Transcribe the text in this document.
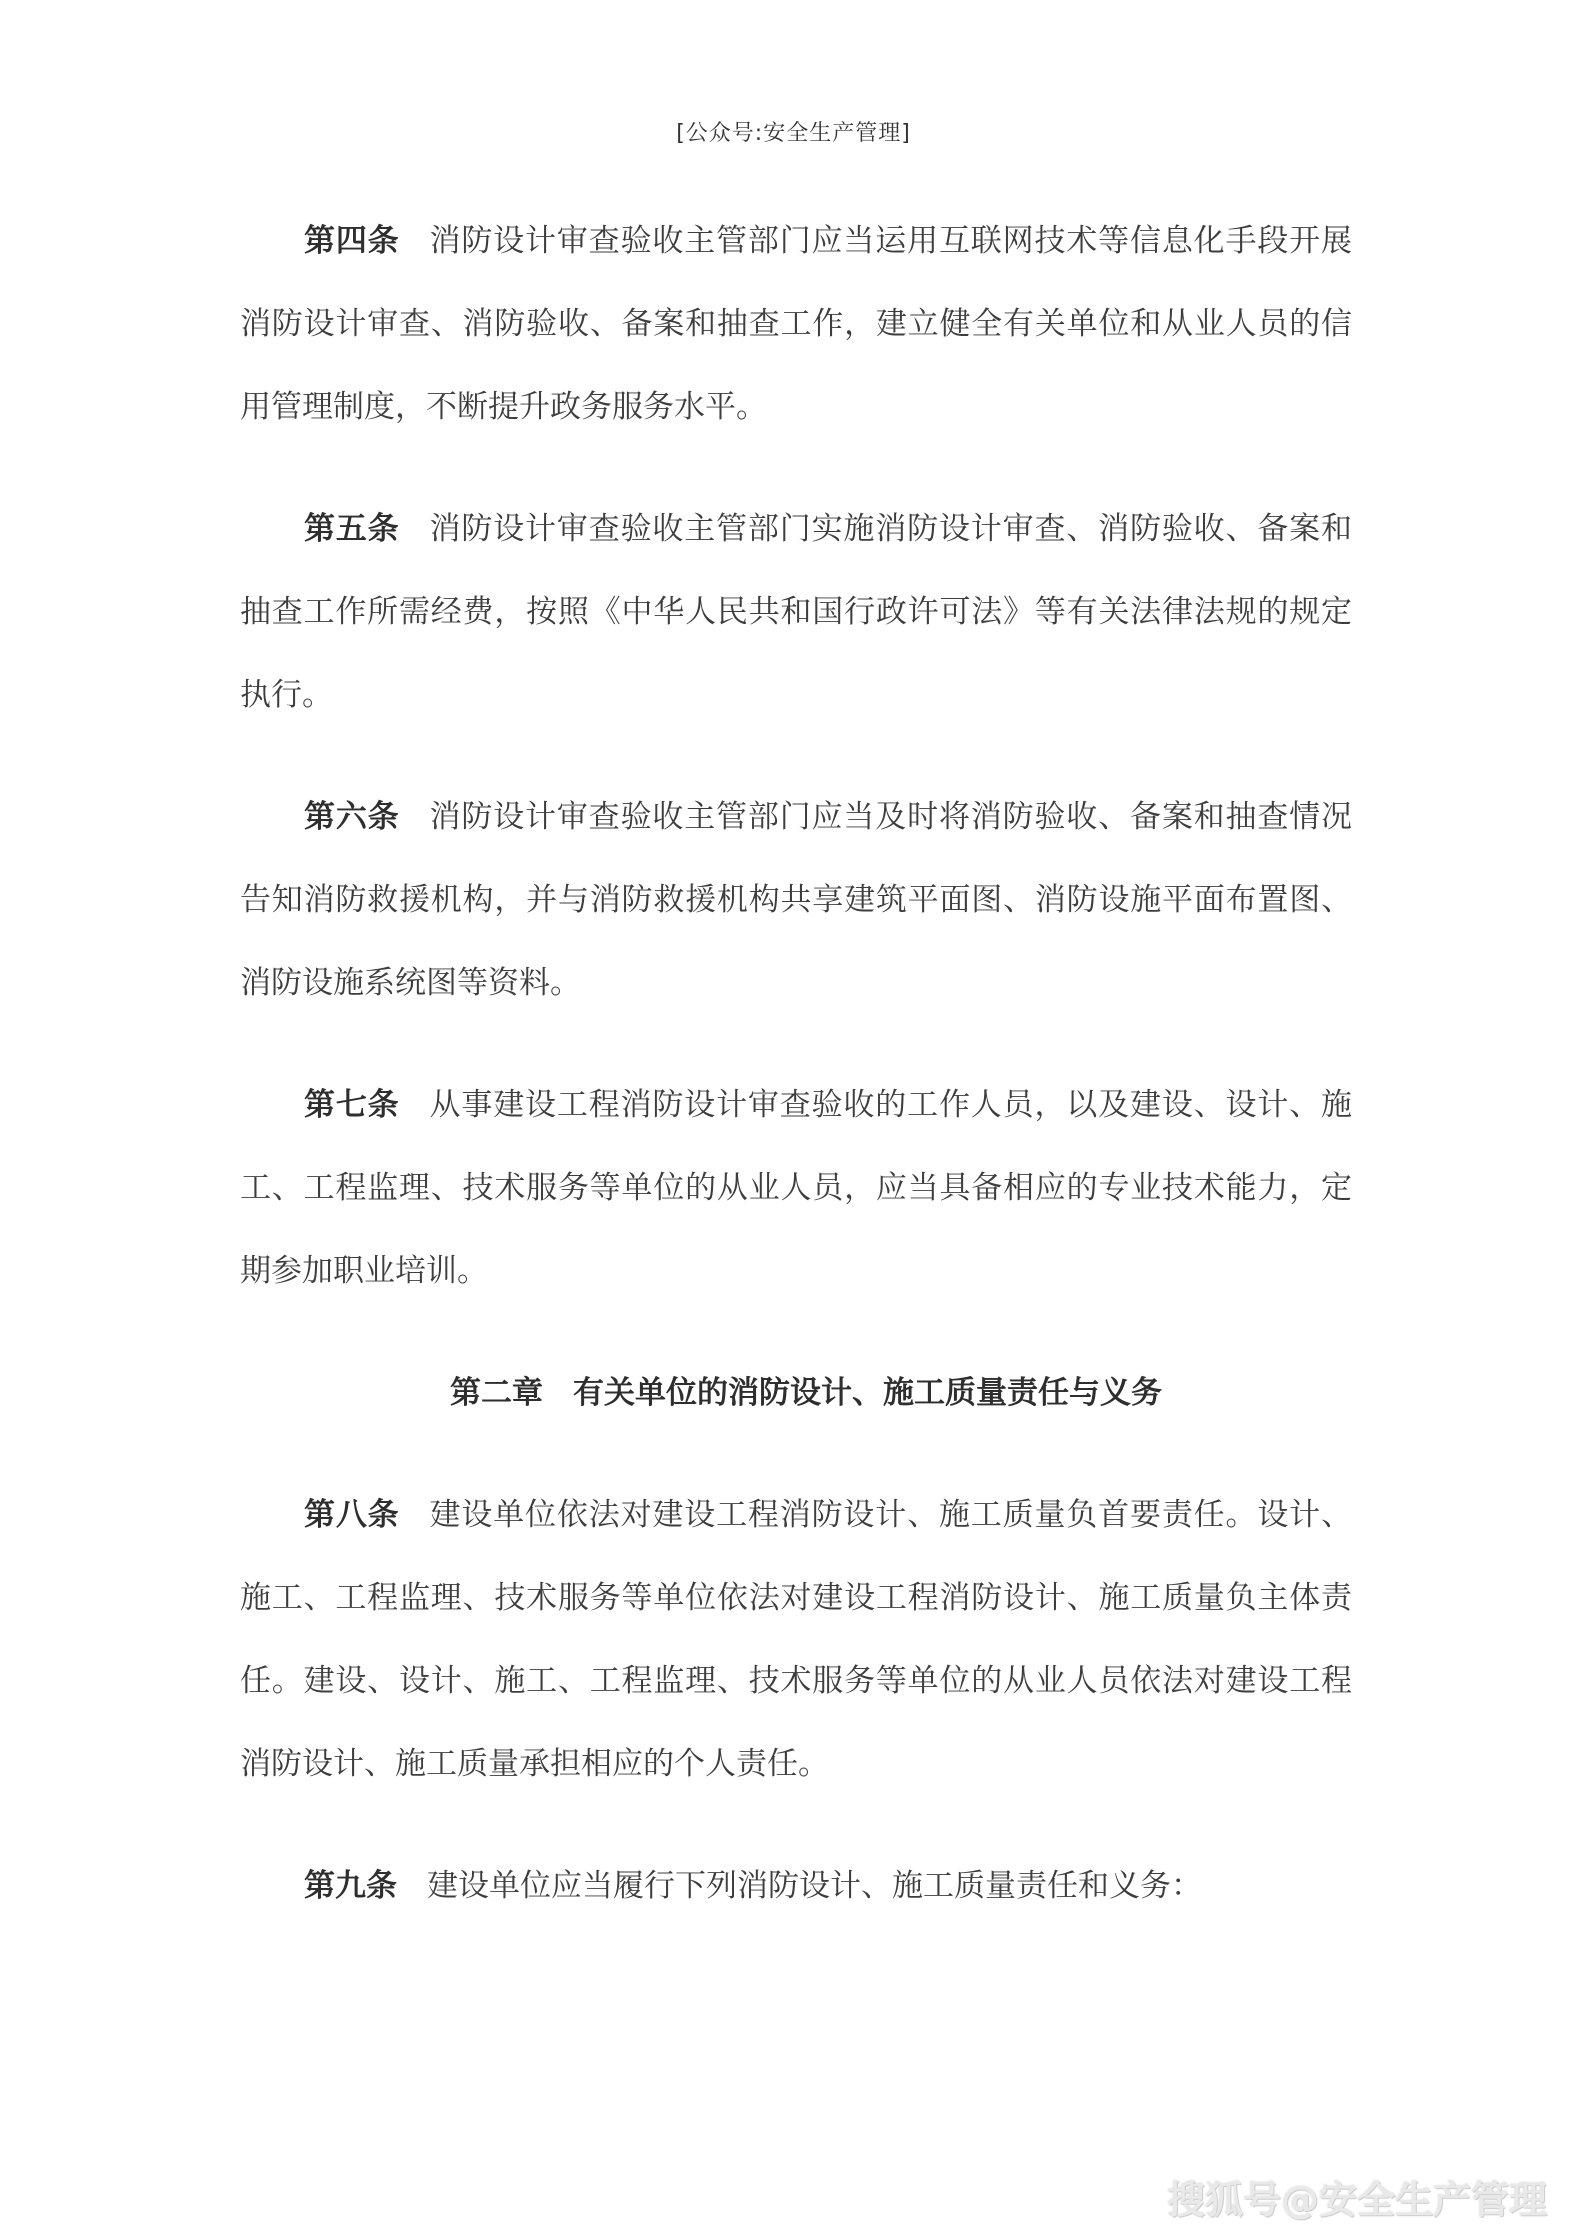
[公众号:安全生产管理]

第四条 消防设计审查验收主管部门应当运用互联网技术等信息化手段开展消防设计审查、消防验收、备案和抽查工作，建立健全有关单位和从业人员的信用管理制度，不断提升政务服务水平。

第五条 消防设计审查验收主管部门实施消防设计审查、消防验收、备案和抽查工作所需经费，按照《中华人民共和国行政许可法》等有关法律法规的规定执行。

第六条 消防设计审查验收主管部门应当及时将消防验收、备案和抽查情况告知消防救援机构，并与消防救援机构共享建筑平面图、消防设施平面布置图、消防设施系统图等资料。

第七条 从事建设工程消防设计审查验收的工作人员，以及建设、设计、施工、工程监理、技术服务等单位的从业人员，应当具备相应的专业技术能力，定期参加职业培训。

第二章 有关单位的消防设计、施工质量责任与义务

第八条 建设单位依法对建设工程消防设计、施工质量负首要责任。设计、施工、工程监理、技术服务等单位依法对建设工程消防设计、施工质量负主体责任。建设、设计、施工、工程监理、技术服务等单位的从业人员依法对建设工程消防设计、施工质量承担相应的个人责任。

第九条 建设单位应当履行下列消防设计、施工质量责任和义务：

搜狐号@安全生产管理
